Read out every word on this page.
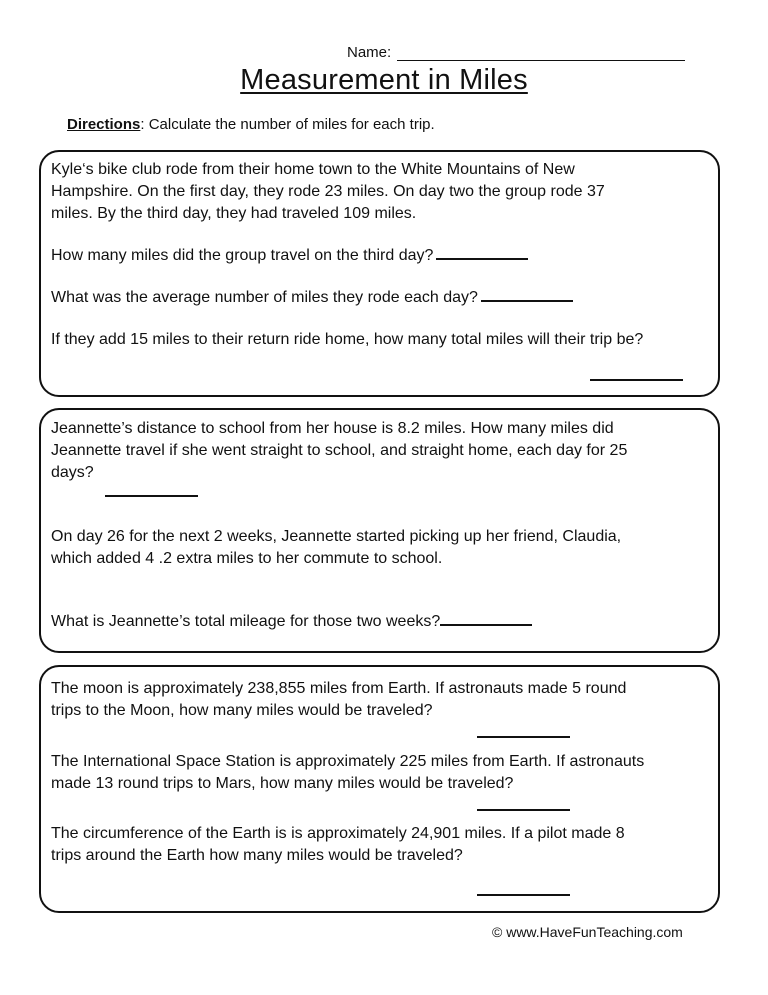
Name:
Measurement in Miles
Directions: Calculate the number of miles for each trip.

Kyle‘s bike club rode from their home town to the White Mountains of New

Hampshire. On the first day, they rode 23 miles. On day two the group rode 37

miles. By the third day, they had traveled 109 miles.

How many miles did the group travel on the third day?

What was the average number of miles they rode each day?

If they add 15 miles to their return ride home, how many total miles will their trip be?

Jeannette’s distance to school from her house is 8.2 miles. How many miles did

Jeannette travel if she went straight to school, and straight home, each day for 25

days?

On day 26 for the next 2 weeks, Jeannette started picking up her friend, Claudia,

which added 4 .2 extra miles to her commute to school.

What is Jeannette’s total mileage for those two weeks?

The moon is approximately 238,855 miles from Earth. If astronauts made 5 round

trips to the Moon, how many miles would be traveled?

The International Space Station is approximately 225 miles from Earth. If astronauts

made 13 round trips to Mars, how many miles would be traveled?

The circumference of the Earth is is approximately 24,901 miles. If a pilot made 8

trips around the Earth how many miles would be traveled?

© www.HaveFunTeaching.com
